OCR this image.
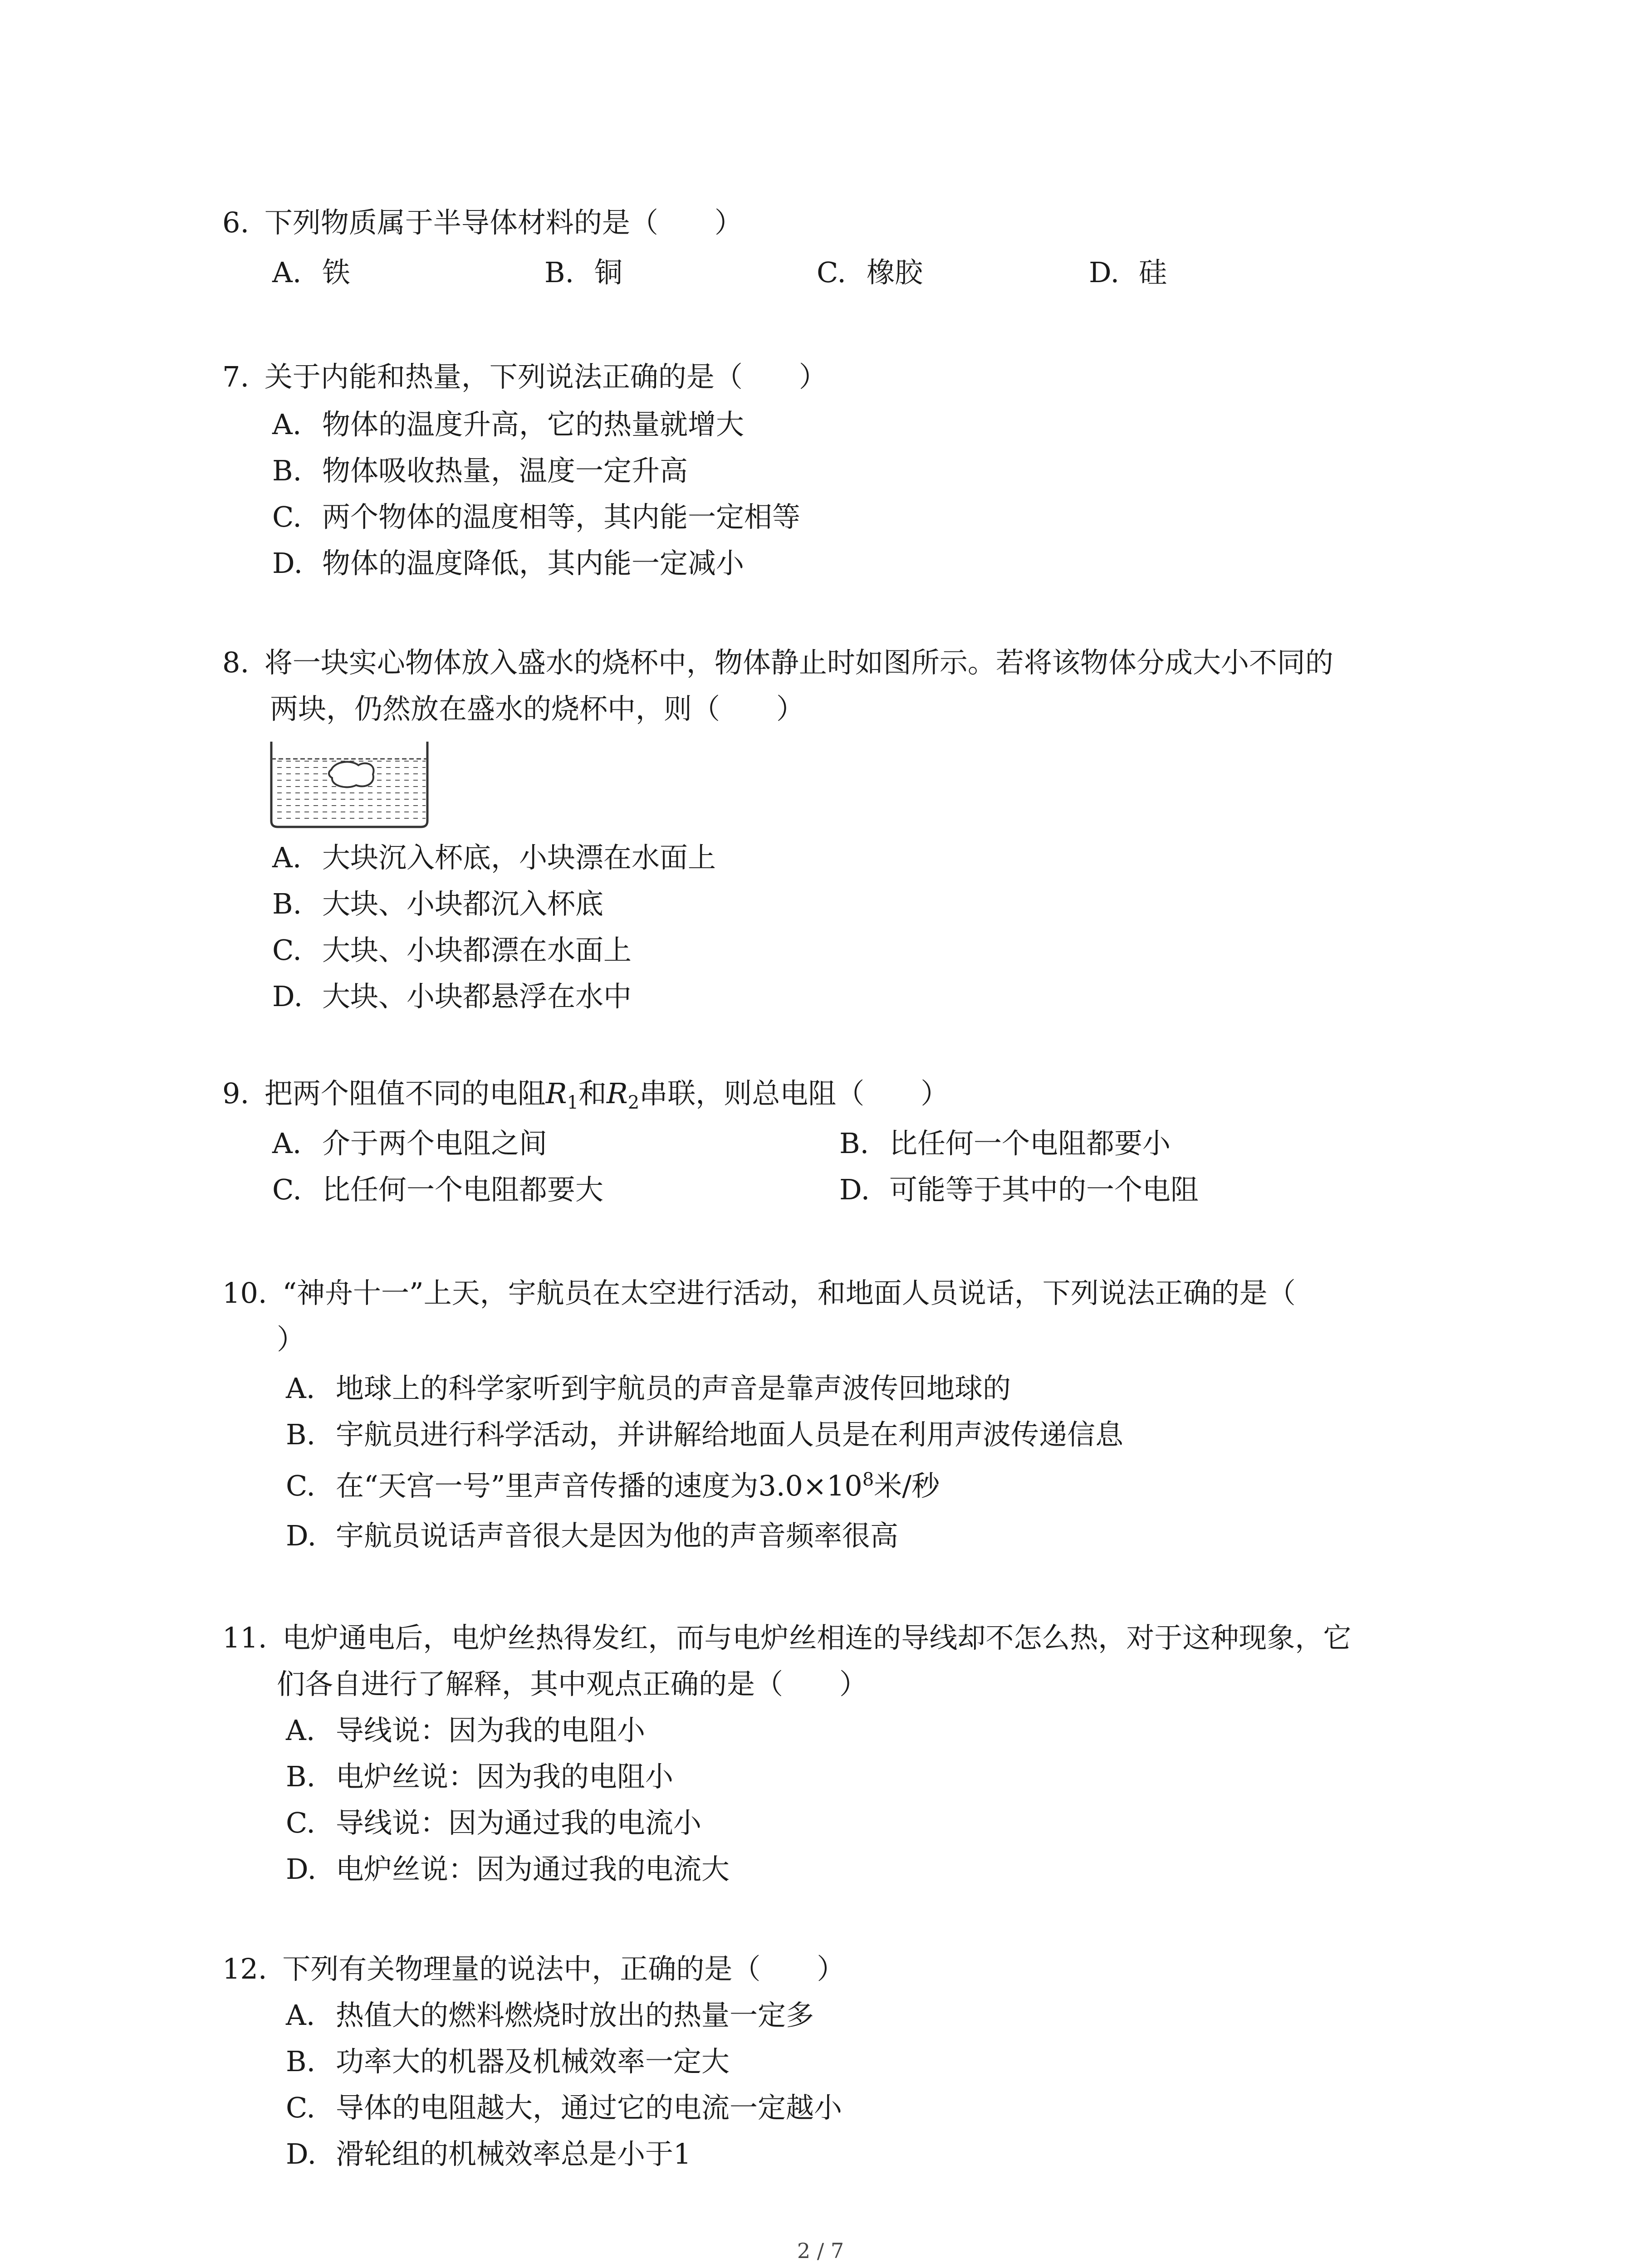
6. 下列物质属于半导体材料的是（　　）
A. 铁	B. 铜	C. 橡胶	D. 硅
7. 关于内能和热量，下列说法正确的是（　　）
A. 物体的温度升高，它的热量就增大
B. 物体吸收热量，温度一定升高
C. 两个物体的温度相等，其内能一定相等
D. 物体的温度降低，其内能一定减小
8. 将一块实心物体放入盛水的烧杯中，物体静止时如图所示。若将该物体分成大小不同的
两块，仍然放在盛水的烧杯中，则（　　）
A. 大块沉入杯底，小块漂在水面上
B. 大块、小块都沉入杯底
C. 大块、小块都漂在水面上
D. 大块、小块都悬浮在水中
9. 把两个阻值不同的电阻$R_1$和$R_2$串联，则总电阻（　　）
A. 介于两个电阻之间	B. 比任何一个电阻都要小
C. 比任何一个电阻都要大	D. 可能等于其中的一个电阻
10. “神舟十一”上天，宇航员在太空进行活动，和地面人员说话，下列说法正确的是（
）
A. 地球上的科学家听到宇航员的声音是靠声波传回地球的
B. 宇航员进行科学活动，并讲解给地面人员是在利用声波传递信息
C. 在“天宫一号”里声音传播的速度为$3.0\times 10^8$米/秒
D. 宇航员说话声音很大是因为他的声音频率很高
11. 电炉通电后，电炉丝热得发红，而与电炉丝相连的导线却不怎么热，对于这种现象，它
们各自进行了解释，其中观点正确的是（　　）
A. 导线说：因为我的电阻小
B. 电炉丝说：因为我的电阻小
C. 导线说：因为通过我的电流小
D. 电炉丝说：因为通过我的电流大
12. 下列有关物理量的说法中，正确的是（　　）
A. 热值大的燃料燃烧时放出的热量一定多
B. 功率大的机器及机械效率一定大
C. 导体的电阻越大，通过它的电流一定越小
D. 滑轮组的机械效率总是小于1
2 / 7
